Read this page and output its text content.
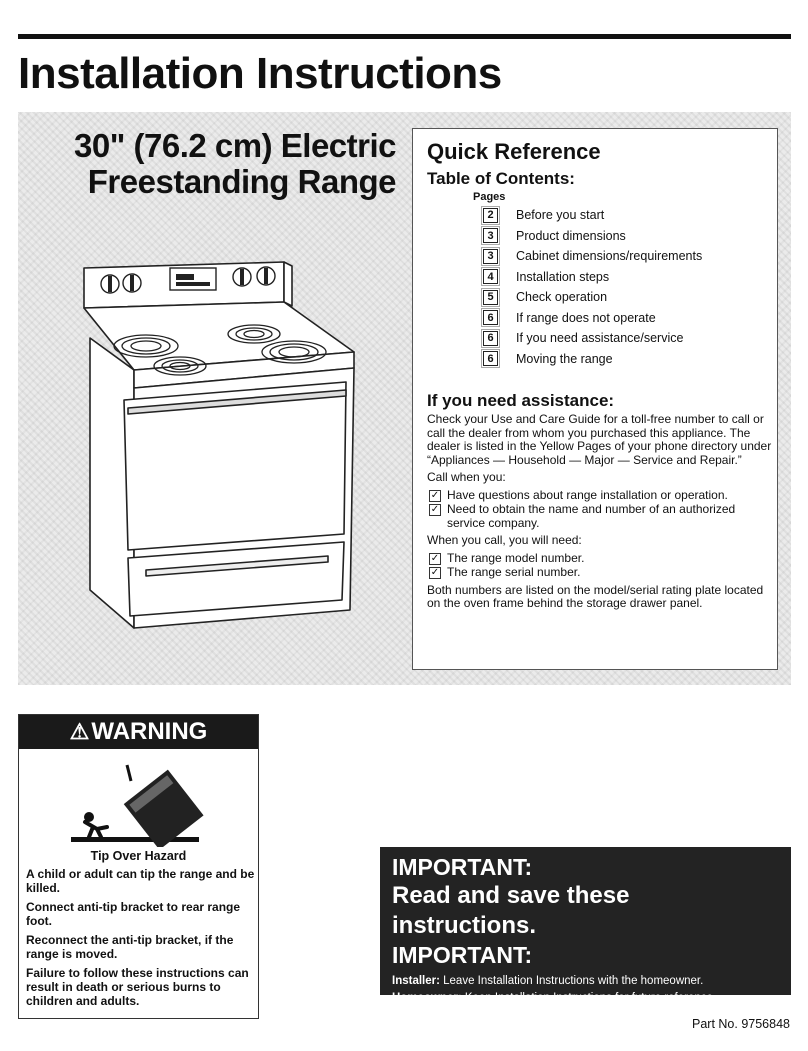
Installation Instructions
30" (76.2 cm) Electric
Freestanding Range
Quick Reference
Table of Contents:
Pages
2	Before you start
3	Product dimensions
3	Cabinet dimensions/requirements
4	Installation steps
5	Check operation
6	If range does not operate
6	If you need assistance/service
6	Moving the range
If you need assistance:

Check your Use and Care Guide for a toll-free number to call or call the dealer from whom you purchased this appliance. The dealer is listed in the Yellow Pages of your phone directory under “Appliances — Household — Major — Service and Repair.”

Call when you:

✓ Have questions about range installation or operation.
✓ Need to obtain the name and number of an authorized service company.

When you call, you will need:

✓ The range model number.
✓ The range serial number.

Both numbers are listed on the model/serial rating plate located on the oven frame behind the storage drawer panel.

⚠ WARNING
Tip Over Hazard

A child or adult can tip the range and be killed.

Connect anti-tip bracket to rear range foot.

Reconnect the anti-tip bracket, if the range is moved.

Failure to follow these instructions can result in death or serious burns to children and adults.

IMPORTANT:

Read and save these instructions.

IMPORTANT:

Installer: Leave Installation Instructions with the homeowner.
Homeowner: Keep Installation Instructions for future reference.
Save Installation Instructions for local electrical inspector's use.
Part No. 9756848
